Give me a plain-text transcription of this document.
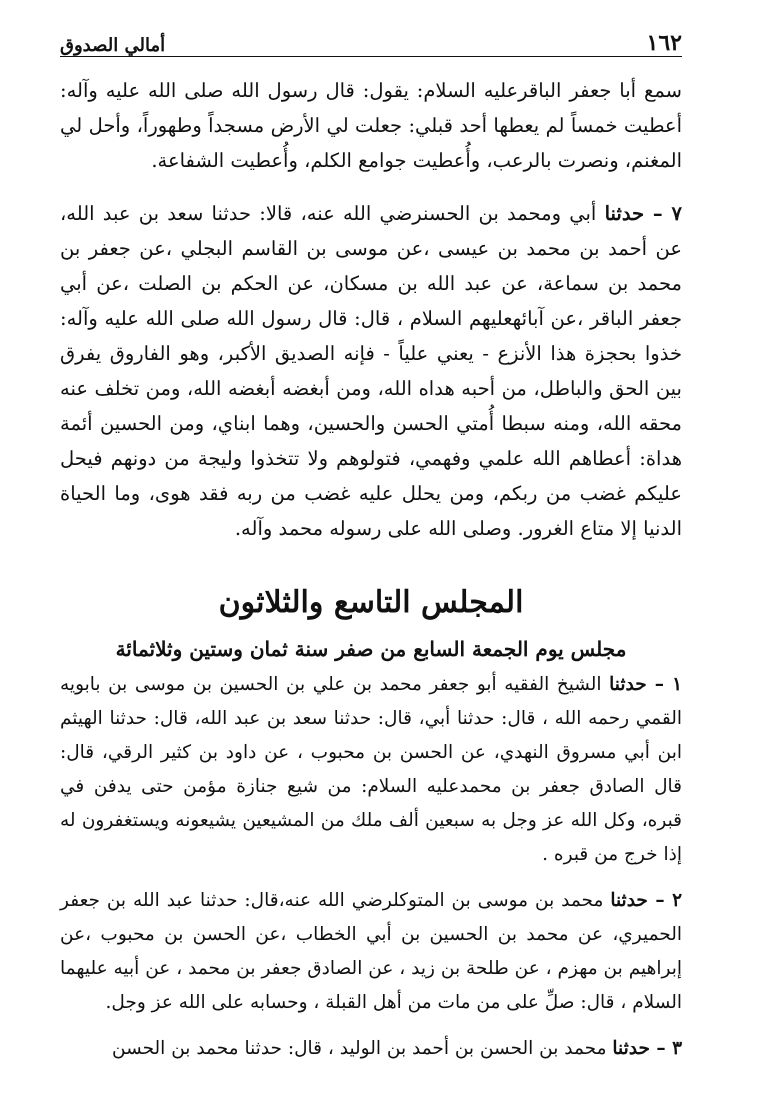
١٦٢
أمالي الصدوق

سمع أبا جعفر الباقرعليه السلام: يقول: قال رسول الله صلى الله عليه وآله: أعطيت خمساً لم يعطها أحد قبلي: جعلت لي الأرض مسجداً وطهوراً، وأحل لي المغنم، ونصرت بالرعب، وأُعطيت جوامع الكلم، وأُعطيت الشفاعة.

٧ – حدثنا أبي ومحمد بن الحسنرضي الله عنه، قالا: حدثنا سعد بن عبد الله، عن أحمد بن محمد بن عيسى ،عن موسى بن القاسم البجلي ،عن جعفر بن محمد بن سماعة، عن عبد الله بن مسكان، عن الحكم بن الصلت ،عن أبي جعفر الباقر ،عن آبائهعليهم السلام ، قال: قال رسول الله صلى الله عليه وآله: خذوا بحجزة هذا الأنزع - يعني علياً - فإنه الصديق الأكبر، وهو الفاروق يفرق بين الحق والباطل، من أحبه هداه الله، ومن أبغضه أبغضه الله، ومن تخلف عنه محقه الله، ومنه سبطا أُمتي الحسن والحسين، وهما ابناي، ومن الحسين أئمة هداة: أعطاهم الله علمي وفهمي، فتولوهم ولا تتخذوا وليجة من دونهم فيحل عليكم غضب من ربكم، ومن يحلل عليه غضب من ربه فقد هوى، وما الحياة الدنيا إلا متاع الغرور. وصلى الله على رسوله محمد وآله.

المجلس التاسع والثلاثون
مجلس يوم الجمعة السابع من صفر سنة ثمان وستين وثلاثمائة

١ – حدثنا الشيخ الفقيه أبو جعفر محمد بن علي بن الحسين بن موسى بن بابويه القمي رحمه الله ، قال: حدثنا أبي، قال: حدثنا سعد بن عبد الله، قال: حدثنا الهيثم ابن أبي مسروق النهدي، عن الحسن بن محبوب ، عن داود بن كثير الرقي، قال: قال الصادق جعفر بن محمدعليه السلام: من شيع جنازة مؤمن حتى يدفن في قبره، وكل الله عز وجل به سبعين ألف ملك من المشيعين يشيعونه ويستغفرون له إذا خرج من قبره .

٢ – حدثنا محمد بن موسى بن المتوكلرضي الله عنه،قال: حدثنا عبد الله بن جعفر الحميري، عن محمد بن الحسين بن أبي الخطاب ،عن الحسن بن محبوب ،عن إبراهيم بن مهزم ، عن طلحة بن زيد ، عن الصادق جعفر بن محمد ، عن أبيه عليهما السلام ، قال: صلِّ على من مات من أهل القبلة ، وحسابه على الله عز وجل.

٣ – حدثنا محمد بن الحسن بن أحمد بن الوليد ، قال: حدثنا محمد بن الحسن
